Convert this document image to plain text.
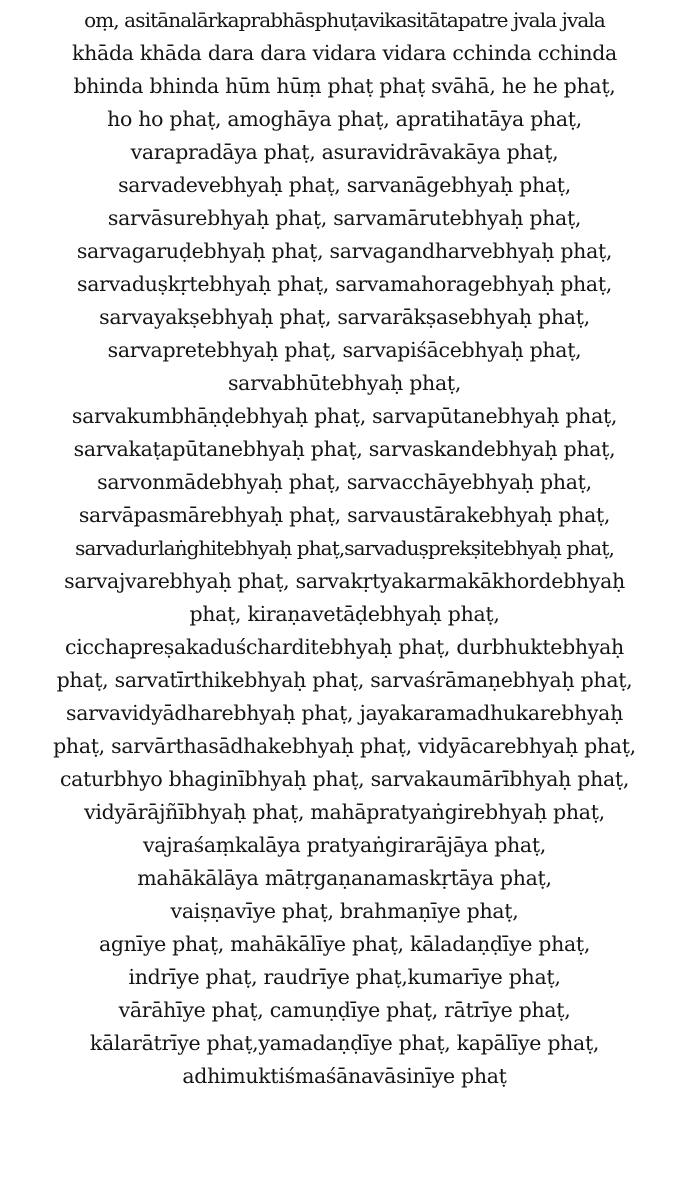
oṃ, asitānalārkaprabhāsphuṭavikasitātapatre jvala jvala
khāda khāda dara dara vidara vidara cchinda cchinda
bhinda bhinda hūm hūṃ phaṭ phaṭ svāhā, he he phaṭ,
ho ho phaṭ, amoghāya phaṭ, apratihatāya phaṭ,
varapradāya phaṭ, asuravidrāvakāya phaṭ,
sarvadevebhyaḥ phaṭ, sarvanāgebhyaḥ phaṭ,
sarvāsurebhyaḥ phaṭ, sarvamārutebhyaḥ phaṭ,
sarvagaruḍebhyaḥ phaṭ, sarvagandharvebhyaḥ phaṭ,
sarvaduṣkṛtebhyaḥ phaṭ, sarvamahoragebhyaḥ phaṭ,
sarvayakṣebhyaḥ phaṭ, sarvarākṣasebhyaḥ phaṭ,
sarvapretebhyaḥ phaṭ, sarvapiśācebhyaḥ phaṭ,
sarvabhūtebhyaḥ phaṭ,
sarvakumbhāṇḍebhyaḥ phaṭ, sarvapūtanebhyaḥ phaṭ,
sarvakaṭapūtanebhyaḥ phaṭ, sarvaskandebhyaḥ phaṭ,
sarvonmādebhyaḥ phaṭ, sarvacchāyebhyaḥ phaṭ,
sarvāpasmārebhyaḥ phaṭ, sarvaustārakebhyaḥ phaṭ,
sarvadurlaṅghitebhyaḥ phaṭ,sarvaduṣprekṣitebhyaḥ phaṭ,
sarvajvarebhyaḥ phaṭ, sarvakṛtyakarmakākhordebhyaḥ
phaṭ, kiraṇavetāḍebhyaḥ phaṭ,
cicchapreṣakaduścharditebhyaḥ phaṭ, durbhuktebhyaḥ
phaṭ, sarvatīrthikebhyaḥ phaṭ, sarvaśrāmaṇebhyaḥ phaṭ,
sarvavidyādharebhyaḥ phaṭ, jayakaramadhukarebhyaḥ
phaṭ, sarvārthasādhakebhyaḥ phaṭ, vidyācarebhyaḥ phaṭ,
caturbhyo bhaginībhyaḥ phaṭ, sarvakaumārībhyaḥ phaṭ,
vidyārājñībhyaḥ phaṭ, mahāpratyaṅgirebhyaḥ phaṭ,
vajraśaṃkalāya pratyaṅgirarājāya phaṭ,
mahākālāya mātṛgaṇanamaskṛtāya phaṭ,
vaiṣṇavīye phaṭ, brahmaṇīye phaṭ,
agnīye phaṭ, mahākālīye phaṭ, kāladaṇḍīye phaṭ,
indrīye phaṭ, raudrīye phaṭ,kumarīye phaṭ,
vārāhīye phaṭ, camuṇḍīye phaṭ, rātrīye phaṭ,
kālarātrīye phaṭ,yamadaṇḍīye phaṭ, kapālīye phaṭ,
adhimuktiśmaśānavāsinīye phaṭ
